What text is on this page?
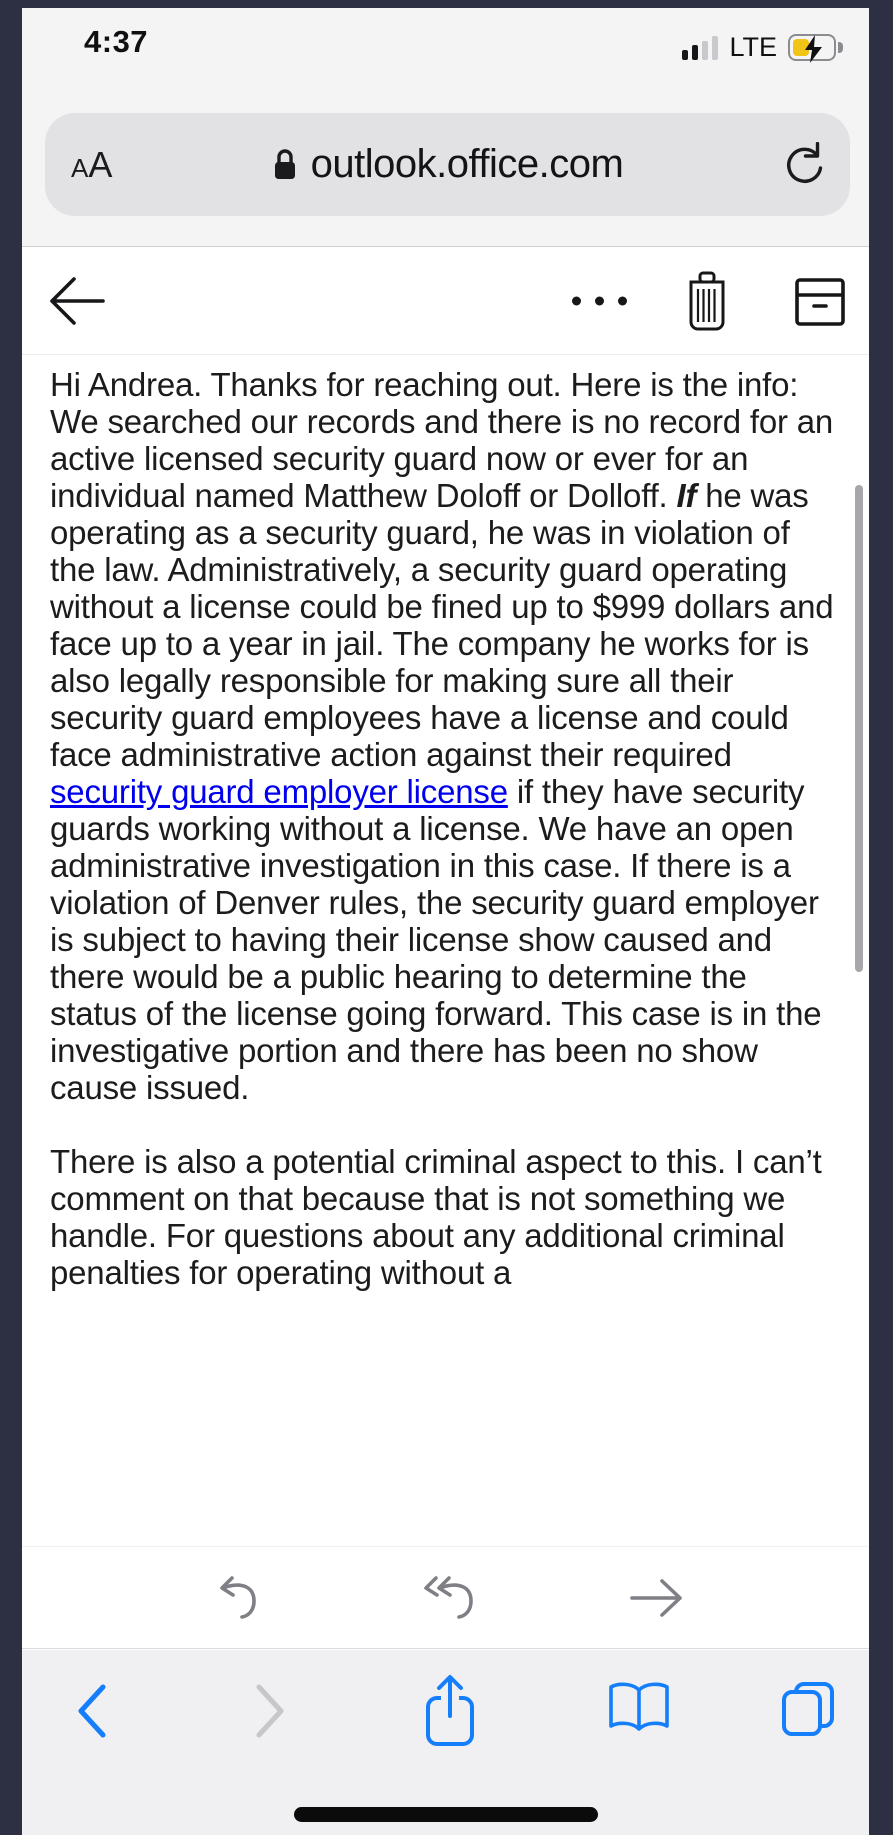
4:37	LTE
AA	outlook.office.com

Hi Andrea. Thanks for reaching out. Here is the info: We searched our records and there is no record for an active licensed security guard now or ever for an individual named Matthew Doloff or Dolloff. If he was operating as a security guard, he was in violation of the law. Administratively, a security guard operating without a license could be fined up to $999 dollars and face up to a year in jail. The company he works for is also legally responsible for making sure all their security guard employees have a license and could face administrative action against their required security guard employer license if they have security guards working without a license. We have an open administrative investigation in this case. If there is a violation of Denver rules, the security guard employer is subject to having their license show caused and there would be a public hearing to determine the status of the license going forward. This case is in the investigative portion and there has been no show cause issued.

There is also a potential criminal aspect to this. I can’t comment on that because that is not something we handle. For questions about any additional criminal penalties for operating without a
